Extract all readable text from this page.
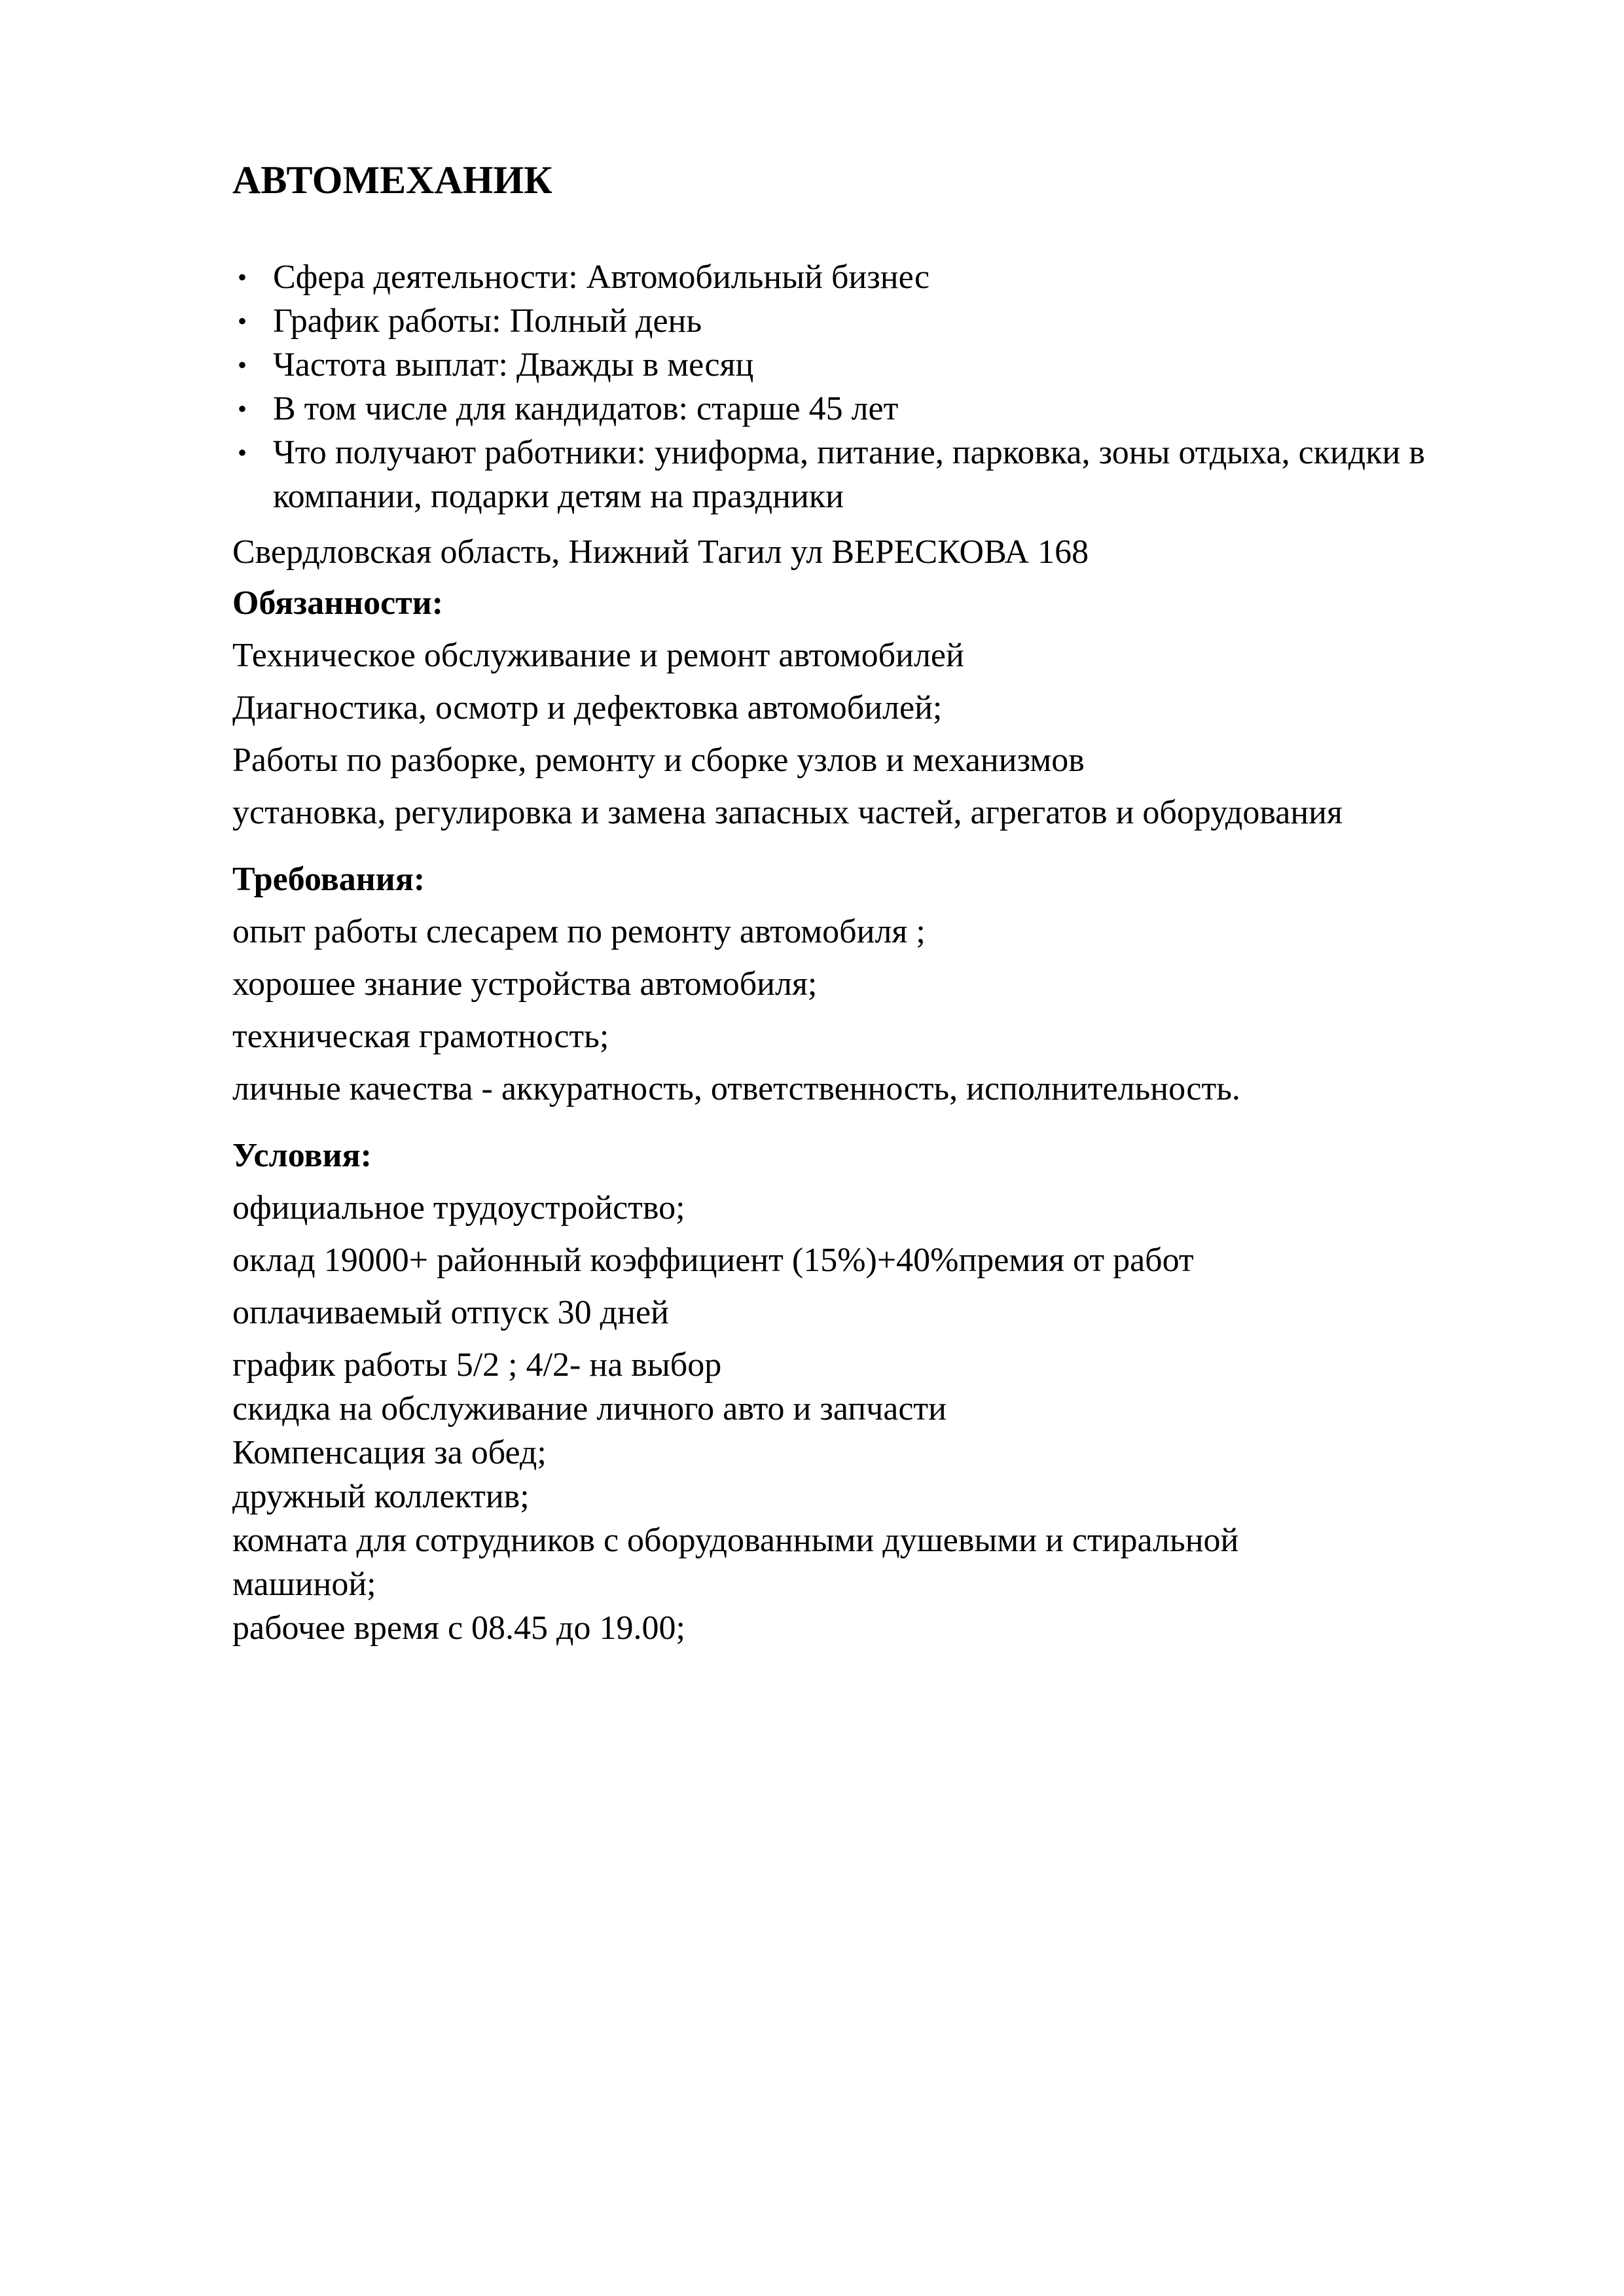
АВТОМЕХАНИК
• Сфера деятельности: Автомобильный бизнес
• График работы: Полный день
• Частота выплат: Дважды в месяц
• В том числе для кандидатов: старше 45 лет
• Что получают работники: униформа, питание, парковка, зоны отдыха, скидки в компании, подарки детям на праздники
Свердловская область, Нижний Тагил ул ВЕРЕСКОВА 168
Обязанности:
Техническое обслуживание и ремонт автомобилей
Диагностика, осмотр и дефектовка автомобилей;
Работы по разборке, ремонту и сборке узлов и механизмов
установка, регулировка и замена запасных частей, агрегатов и оборудования
Требования:
опыт работы слесарем по ремонту автомобиля ;
хорошее знание устройства автомобиля;
техническая грамотность;
личные качества - аккуратность, ответственность, исполнительность.
Условия:
официальное трудоустройство;
оклад 19000+ районный коэффициент (15%)+40%премия от работ
оплачиваемый отпуск 30 дней
график работы 5/2 ; 4/2- на выбор
скидка на обслуживание личного авто и запчасти
Компенсация за обед;
дружный коллектив;
комната для сотрудников с оборудованными душевыми и стиральной
машиной;
рабочее время с 08.45 до 19.00;
